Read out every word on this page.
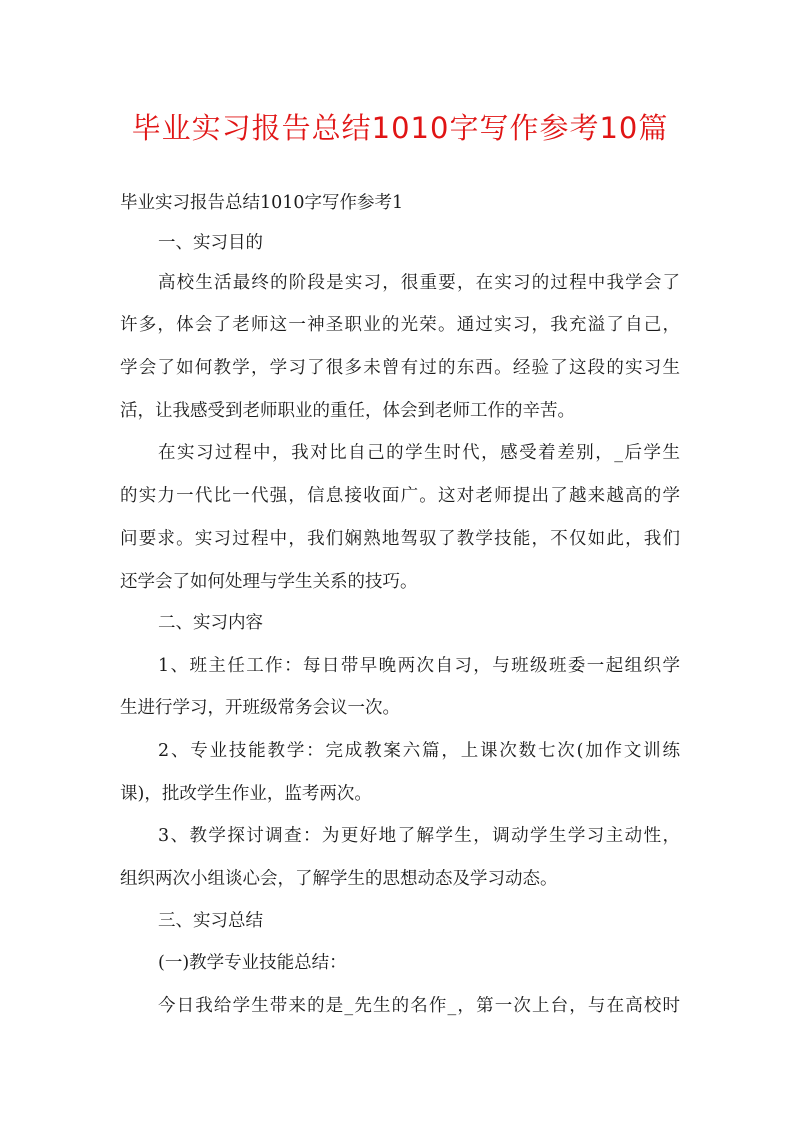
毕业实习报告总结1010字写作参考10篇

毕业实习报告总结1010字写作参考1

一、实习目的

高校生活最终的阶段是实习，很重要，在实习的过程中我学会了

许多，体会了老师这一神圣职业的光荣。通过实习，我充溢了自己，

学会了如何教学，学习了很多未曾有过的东西。经验了这段的实习生

活，让我感受到老师职业的重任，体会到老师工作的辛苦。

在实习过程中，我对比自己的学生时代，感受着差别，_后学生

的实力一代比一代强，信息接收面广。这对老师提出了越来越高的学

问要求。实习过程中，我们娴熟地驾驭了教学技能，不仅如此，我们

还学会了如何处理与学生关系的技巧。

二、实习内容

1、班主任工作：每日带早晚两次自习，与班级班委一起组织学

生进行学习，开班级常务会议一次。

2、专业技能教学：完成教案六篇，上课次数七次(加作文训练

课)，批改学生作业，监考两次。

3、教学探讨调查：为更好地了解学生，调动学生学习主动性，

组织两次小组谈心会，了解学生的思想动态及学习动态。

三、实习总结

(一)教学专业技能总结：

今日我给学生带来的是_先生的名作_，第一次上台，与在高校时
